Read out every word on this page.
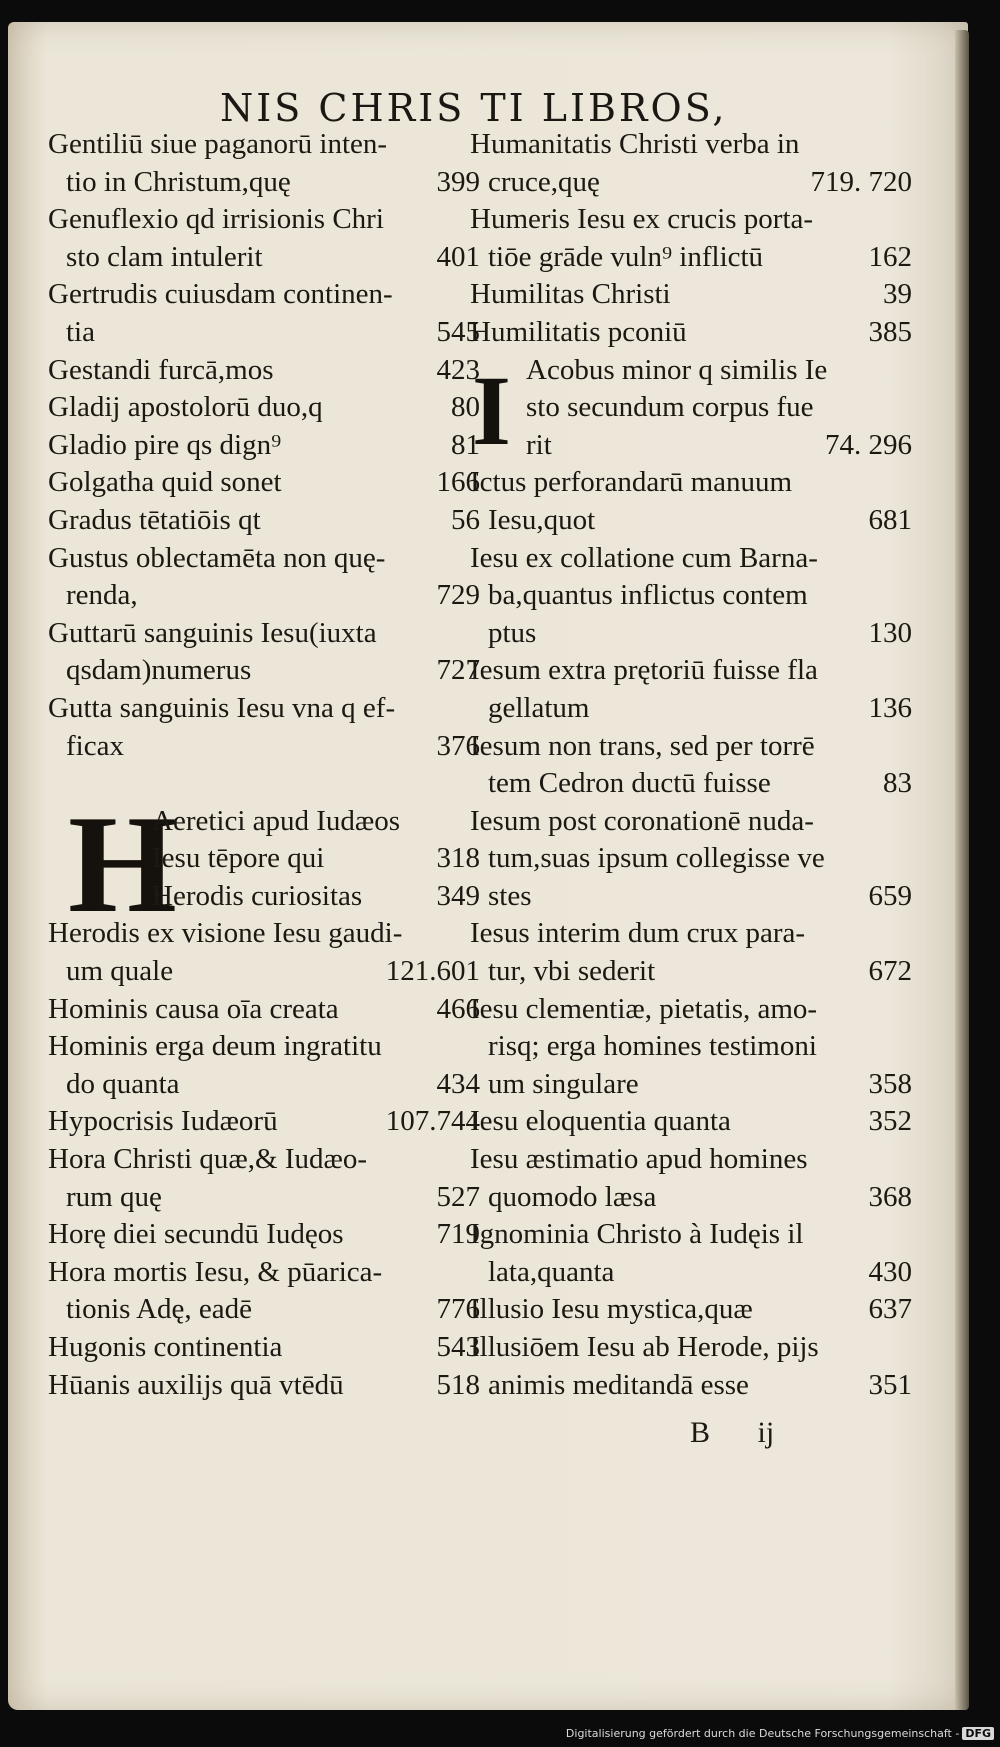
NIS CHRIS TI LIBROS,
Gentiliū siue paganorū inten-
tio in Christum,quę	399
Genuflexio qd irrisionis Chri
sto clam intulerit	401
Gertrudis cuiusdam continen-
tia	545
Gestandi furcā,mos	423
Gladij apostolorū duo,q	80
Gladio pire qs dign⁹	81
Golgatha quid sonet	166
Gradus tētatiōis qt	56
Gustus oblectamēta non quę-
renda,	729
Guttarū sanguinis Iesu(iuxta
qsdam)numerus	727
Gutta sanguinis Iesu vna q ef-
ficax	376
H
Aeretici apud Iudæos
Iesu tēpore qui	318
Herodis curiositas	349
Herodis ex visione Iesu gaudi-
um quale	121.601
Hominis causa oīa creata	466
Hominis erga deum ingratitu
do quanta	434
Hypocrisis Iudæorū	107.744
Hora Christi quæ,& Iudæo-
rum quę	527
Horę diei secundū Iudęos	719
Hora mortis Iesu, & pūarica-
tionis Adę, eadē	776
Hugonis continentia	543
Hūanis auxilijs quā vtēdū	518
Humanitatis Christi verba in
cruce,quę	719. 720
Humeris Iesu ex crucis porta-
tiōe grāde vuln⁹ inflictū	162
Humilitas Christi	39
Humilitatis pconiū	385
I Acobus minor q similis Ie
sto secundum corpus fue
rit	74. 296
Ictus perforandarū manuum
Iesu,quot	681
Iesu ex collatione cum Barna-
ba,quantus inflictus contem
ptus	130
Iesum extra prętoriū fuisse fla
gellatum	136
Iesum non trans, sed per torrē
tem Cedron ductū fuisse	83
Iesum post coronationē nuda-
tum,suas ipsum collegisse ve
stes	659
Iesus interim dum crux para-
tur, vbi sederit	672
Iesu clementiæ, pietatis, amo-
risq; erga homines testimoni
um singulare	358
Iesu eloquentia quanta	352
Iesu æstimatio apud homines
quomodo læsa	368
Ignominia Christo à Iudęis il
lata,quanta	430
Illusio Iesu mystica,quæ	637
Illusiōem Iesu ab Herode, pijs
animis meditandā esse	351
B ij
Digitalisierung gefördert durch die Deutsche Forschungsgemeinschaft - DFG
